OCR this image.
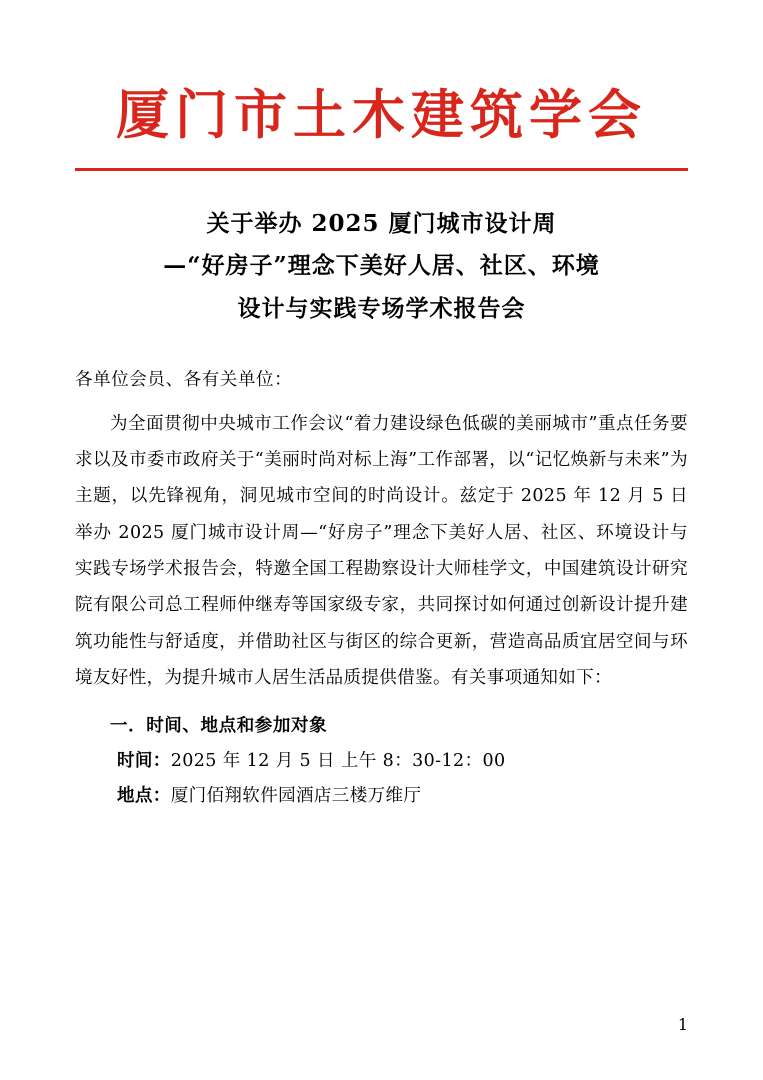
厦门市土木建筑学会
关于举办 2025 厦门城市设计周
—“好房子”理念下美好人居、社区、环境
设计与实践专场学术报告会
各单位会员、各有关单位：
为全面贯彻中央城市工作会议“着力建设绿色低碳的美丽城市”重点任务要求以及市委市政府关于“美丽时尚对标上海”工作部署，以“记忆焕新与未来”为主题，以先锋视角，洞见城市空间的时尚设计。兹定于 2025 年 12 月 5 日举办 2025 厦门城市设计周—“好房子”理念下美好人居、社区、环境设计与实践专场学术报告会，特邀全国工程勘察设计大师桂学文，中国建筑设计研究院有限公司总工程师仲继寿等国家级专家，共同探讨如何通过创新设计提升建筑功能性与舒适度，并借助社区与街区的综合更新，营造高品质宜居空间与环境友好性，为提升城市人居生活品质提供借鉴。有关事项通知如下：
一．时间、地点和参加对象
时间：2025 年 12 月 5 日 上午 8：30-12：00
地点：厦门佰翔软件园酒店三楼万维厅
1
